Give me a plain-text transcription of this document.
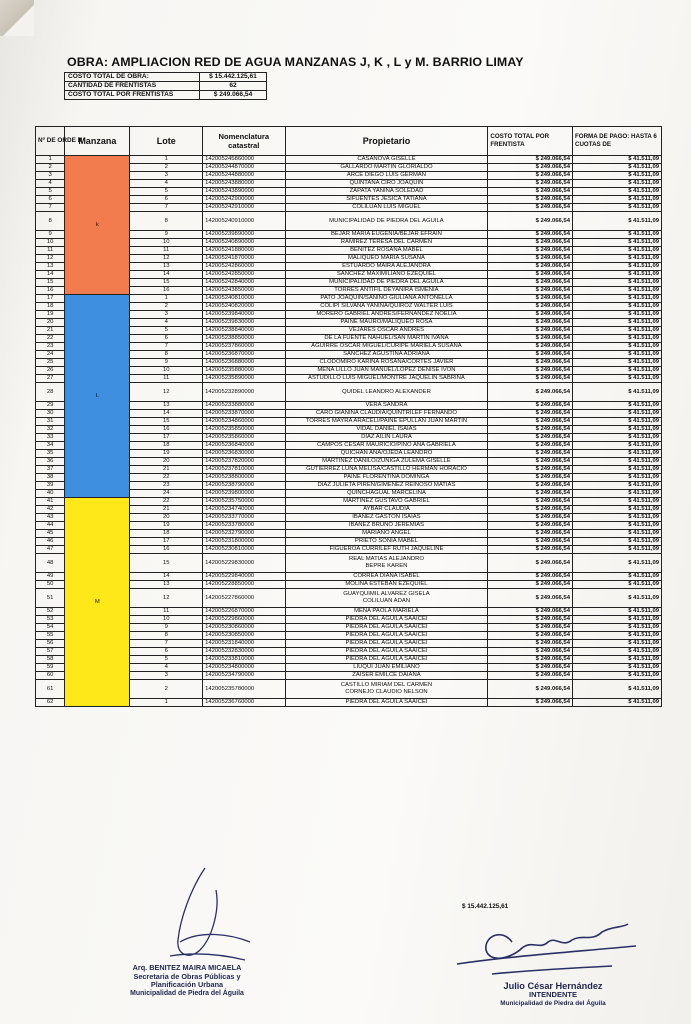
OBRA: AMPLIACION RED DE AGUA MANZANAS J, K , L y M. BARRIO LIMAY
COSTO TOTAL DE OBRA:	$ 15.442.125,61
CANTIDAD DE FRENTISTAS	62
COSTO TOTAL POR FRENTISTAS	$ 249.066,54
Nº DE ORDE N	Manzana	Lote	Nomenclatura catastral	Propietario	COSTO TOTAL POR FRENTISTA	FORMA DE PAGO: HASTA 6 CUOTAS DE
1	k	1	142005245860000	CASANOVA GISELLE	$ 249.066,54	$ 41.511,09
2		2	142005244870000	GALLARDO MARTIN GLORIALDO	$ 249.066,54	$ 41.511,09
3		3	142005244880000	ARCE DIEGO LUIS GERMAN	$ 249.066,54	$ 41.511,09
4		4	142005243880000	QUINTANA CIRO JOAQUIN	$ 249.066,54	$ 41.511,09
5		5	142005243890000	ZAPATA YANINA SOLEDAD	$ 249.066,54	$ 41.511,09
6		6	142005242900000	SIFUENTES JESICA TATIANA	$ 249.066,54	$ 41.511,09
7		7	142005242910000	COLILUAN LUIS MIGUEL	$ 249.066,54	$ 41.511,09
8		8	142005240910000	MUNICIPALIDAD DE PIEDRA DEL AGUILA	$ 249.066,54	$ 41.511,09
9		9	142005239890000	BEJAR MARIA EUGENIA/BEJAR EFRAIN	$ 249.066,54	$ 41.511,09
10		10	142005240890000	RAMIREZ TERESA DEL CARMEN	$ 249.066,54	$ 41.511,09
11		11	142005241880000	BENITEZ ROSANA MABEL	$ 249.066,54	$ 41.511,09
12		12	142005241870000	MALIQUEO MARIA SUSANA	$ 249.066,54	$ 41.511,09
13		13	142005242860000	ESTUARDO MAIRA ALEJANDRA	$ 249.066,54	$ 41.511,09
14		14	142005242850000	SANCHEZ MAXIMILIANO EZEQUIEL	$ 249.066,54	$ 41.511,09
15		15	142005242840000	MUNICIPALIDAD DE PIEDRA DEL AGUILA	$ 249.066,54	$ 41.511,09
16		16	142005243850000	TORRES ANTIFIL DEYANIRA ISMENIA	$ 249.066,54	$ 41.511,09
17	L	1	142005240810000	PATO JOAQUIN/SANINO GIULIANA ANTONELLA	$ 249.066,54	$ 41.511,09
18		2	142005240820000	COLIPI SILVANA YANINA/QUIROZ WALTER LUIS	$ 249.066,54	$ 41.511,09
19		3	142005239840000	MORERO GABRIEL ANDRES/FERNANDEZ NOELIA	$ 249.066,54	$ 41.511,09
20		4	142005239830000	PAINE MAURO/MALIQUEO ROSA	$ 249.066,54	$ 41.511,09
21		5	142005238840000	VEJARES OSCAR ANDRES	$ 249.066,54	$ 41.511,09
22		6	142005238850000	DE LA FUENTE NAHUEL/SAN MARTIN IVANA	$ 249.066,54	$ 41.511,09
23		7	142005237860000	AGUIRRE OSCAR MIGUEL/CURIPE MARIELA SUSANA	$ 249.066,54	$ 41.511,09
24		8	142005236870000	SANCHEZ AGUSTINA ADRIANA	$ 249.066,54	$ 41.511,09
25		9	142005236880000	CLODOMIRO KARINA ROSANA/CORTES JAVIER	$ 249.066,54	$ 41.511,09
26		10	142005235880000	MENA LILLO JUAN MANUEL/LOPEZ DENISE IVON	$ 249.066,54	$ 41.511,09
27		11	142005235890000	ASTUDILLO LUIS MIGUEL/MONTRE JAQUELIN SABRINA	$ 249.066,54	$ 41.511,09
28		12	142005232890000	QUIDEL LEANDRO ALEXANDER	$ 249.066,54	$ 41.511,09
29		13	142005233880000	VERA SANDRA	$ 249.066,54	$ 41.511,09
30		14	142005233870000	CARO GIANINA CLAUDIA/QUINTRILEF FERNANDO	$ 249.066,54	$ 41.511,09
31		15	142005234860000	TORRES MAYRA ARACELI/PAINE EPULLAN JUAN MARTIN	$ 249.066,54	$ 41.511,09
32		16	142005235850000	VIDAL DANIEL ISAIAS	$ 249.066,54	$ 41.511,09
33		17	142005235860000	DIAZ AILIN LAURA	$ 249.066,54	$ 41.511,09
34		18	142005236840000	CAMPOS CESAR MAURICIO/PINO ANA GABRIELA	$ 249.066,54	$ 41.511,09
35		19	142005236830000	QUICHAN ANA/OJEDA LEANDRO	$ 249.066,54	$ 41.511,09
36		20	142005237820000	MARTINEZ DANILO/ZUÑIGA ZULEMA GISELLE	$ 249.066,54	$ 41.511,09
37		21	142005237810000	GUTIERREZ LUNA MELISA/CASTILLO HERMAN HORACIO	$ 249.066,54	$ 41.511,09
38		22	142005238800000	PAINE FLORENTINA DOMINGA	$ 249.066,54	$ 41.511,09
39		23	142005238790000	DIAZ JULIETA PIREN/GIMENEZ REINOSO MATIAS	$ 249.066,54	$ 41.511,09
40		24	142005239800000	QUINCHAGUAL MARCELINA	$ 249.066,54	$ 41.511,09
41	M	22	142005235750000	MARTINEZ GUSTAVO GABRIEL	$ 249.066,54	$ 41.511,09
42		21	142005234740000	AYBAR CLAUDIA	$ 249.066,54	$ 41.511,09
43		20	142005233770000	IBAÑEZ GASTON ISAIAS	$ 249.066,54	$ 41.511,09
44		19	142005233780000	IBAÑEZ BRUNO JEREMIAS	$ 249.066,54	$ 41.511,09
45		18	142005232790000	MARIANO ANGEL	$ 249.066,54	$ 41.511,09
46		17	142005231800000	PRIETO SONIA MABEL	$ 249.066,54	$ 41.511,09
47		16	142005230810000	FIGUEROA CURRILEF RUTH JAQUELINE	$ 249.066,54	$ 41.511,09
48		15	142005229830000	REAL MATIAS ALEJANDRO
BEPRE KAREN	$ 249.066,54	$ 41.511,09
49		14	142005229840000	CORREA DIANA ISABEL	$ 249.066,54	$ 41.511,09
50		13	142005228850000	MOLINA ESTEBAN EZEQUIEL	$ 249.066,54	$ 41.511,09
51		12	142005227860000	GUAYQUIMIL ALVAREZ GISELA
COLILUAN ADAN	$ 249.066,54	$ 41.511,09
52		11	142005226870000	MENA PAOLA MARIELA	$ 249.066,54	$ 41.511,09
53		10	142005229860000	PIEDRA DEL AGUILA SAAICEI	$ 249.066,54	$ 41.511,09
54		9	142005230860000	PIEDRA DEL AGUILA SAAICEI	$ 249.066,54	$ 41.511,09
55		8	142005230850000	PIEDRA DEL AGUILA SAAICEI	$ 249.066,54	$ 41.511,09
56		7	142005231840000	PIEDRA DEL AGUILA SAAICEI	$ 249.066,54	$ 41.511,09
57		6	142005232830000	PIEDRA DEL AGUILA SAAICEI	$ 249.066,54	$ 41.511,09
58		5	142005233810000	PIEDRA DEL AGUILA SAAICEI	$ 249.066,54	$ 41.511,09
59		4	142005234800000	LIUQUI JUAN EMILIANO	$ 249.066,54	$ 41.511,09
60		3	142005234790000	ZAISER EMILCE DAIANA	$ 249.066,54	$ 41.511,09
61		2	142005235780000	CASTILLO MIRIAM DEL CARMEN
CORNEJO CLAUDIO NELSON	$ 249.066,54	$ 41.511,09
62		1	142005236760000	PIEDRA DEL AGUILA SAAICEI	$ 249.066,54	$ 41.511,09
$ 15.442.125,61
Arq. BENITEZ MAIRA MICAELA
Secretaria de Obras Públicas y
Planificación Urbana
Municipalidad de Piedra del Águila
Julio César Hernández
INTENDENTE
Municipalidad de Piedra del Águila
